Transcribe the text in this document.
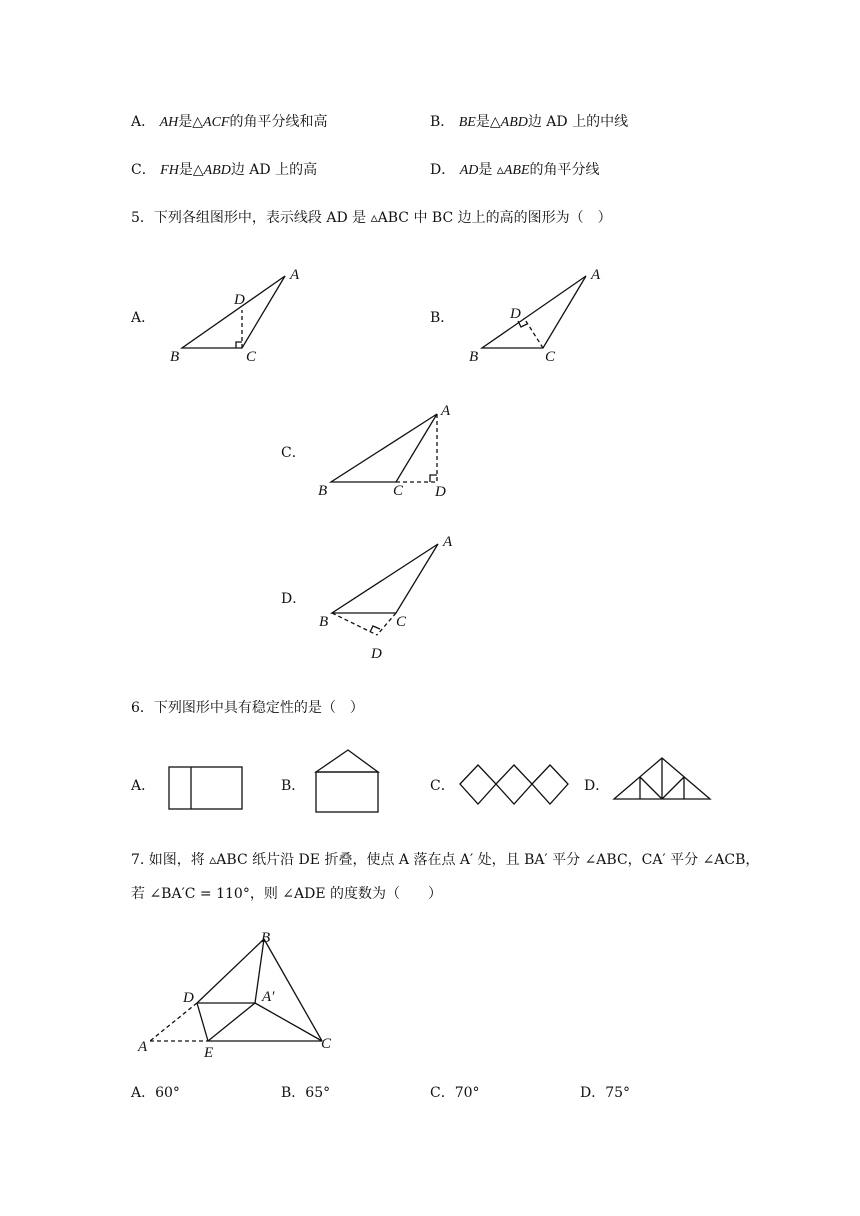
A． AH是△ACF的角平分线和高	B． BE是△ABD边 AD 上的中线
C． FH是△ABD边 AD 上的高	D． AD是 ▵ABE的角平分线
5．下列各组图形中，表示线段 AD 是 ▵ABC 中 BC 边上的高的图形为（　）
A．
A
B	C
D
B．
A
B	C
D
C．
A
B	C D
D．
A
B	C
D
6．下列图形中具有稳定性的是（　）
A．	B．	C．	D．
7. 如图，将 ▵ABC 纸片沿 DE 折叠，使点 A 落在点 A′ 处，且 BA′ 平分 ∠ABC，CA′ 平分 ∠ACB，
若 ∠BA′C = 110°，则 ∠ADE 的度数为（　　）
B
D	A′
A	E
C
A．60°	B．65°	C．70°	D．75°
